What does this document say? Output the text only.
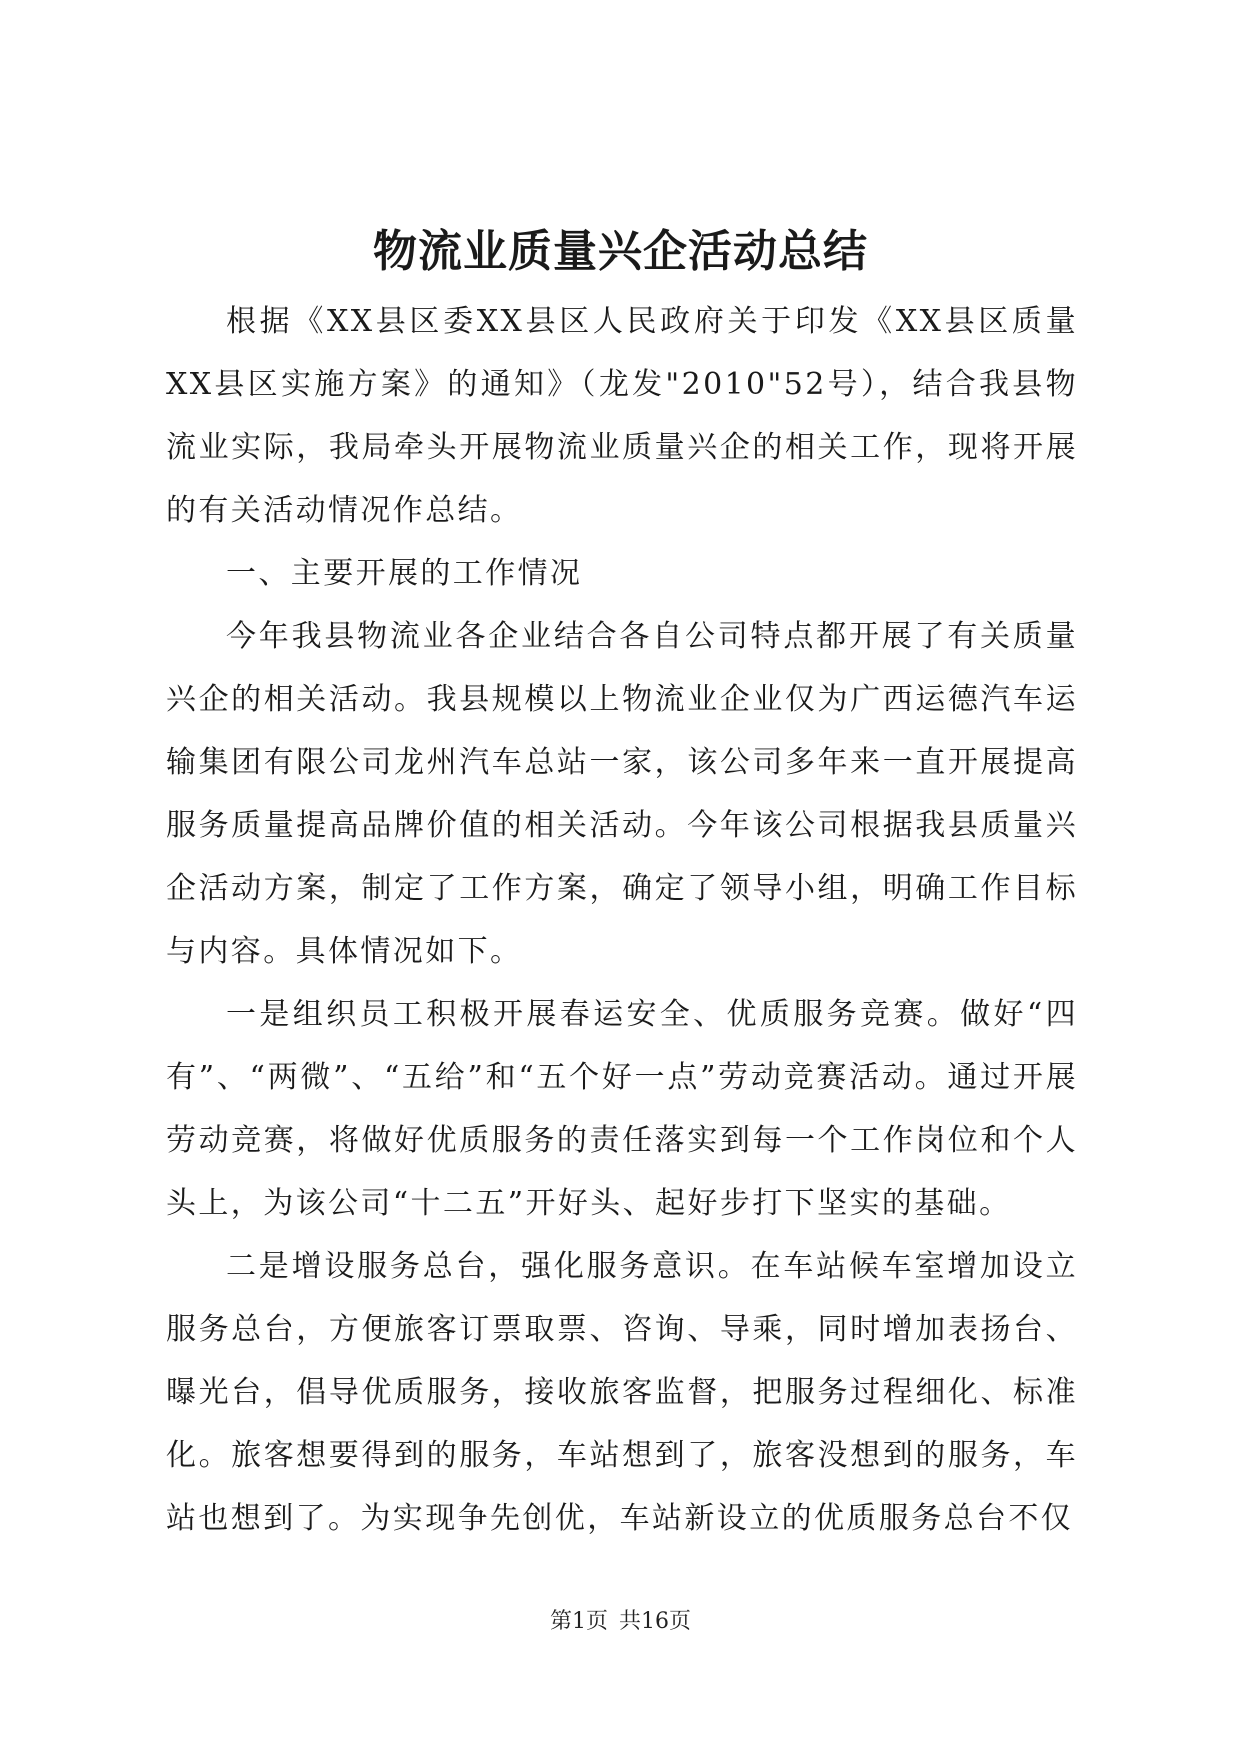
物流业质量兴企活动总结

根据《XX县区委XX县区人民政府关于印发《XX县区质量XX县区实施方案》的通知》（龙发"2010"52号），结合我县物流业实际，我局牵头开展物流业质量兴企的相关工作，现将开展的有关活动情况作总结。

一、主要开展的工作情况

今年我县物流业各企业结合各自公司特点都开展了有关质量兴企的相关活动。我县规模以上物流业企业仅为广西运德汽车运输集团有限公司龙州汽车总站一家，该公司多年来一直开展提高服务质量提高品牌价值的相关活动。今年该公司根据我县质量兴企活动方案，制定了工作方案，确定了领导小组，明确工作目标与内容。具体情况如下。

一是组织员工积极开展春运安全、优质服务竞赛。做好“四有”、“两微”、“五给”和“五个好一点”劳动竞赛活动。通过开展劳动竞赛，将做好优质服务的责任落实到每一个工作岗位和个人头上，为该公司“十二五”开好头、起好步打下坚实的基础。

二是增设服务总台，强化服务意识。在车站候车室增加设立服务总台，方便旅客订票取票、咨询、导乘，同时增加表扬台、曝光台，倡导优质服务，接收旅客监督，把服务过程细化、标准化。旅客想要得到的服务，车站想到了，旅客没想到的服务，车站也想到了。为实现争先创优，车站新设立的优质服务总台不仅

第1页 共16页
